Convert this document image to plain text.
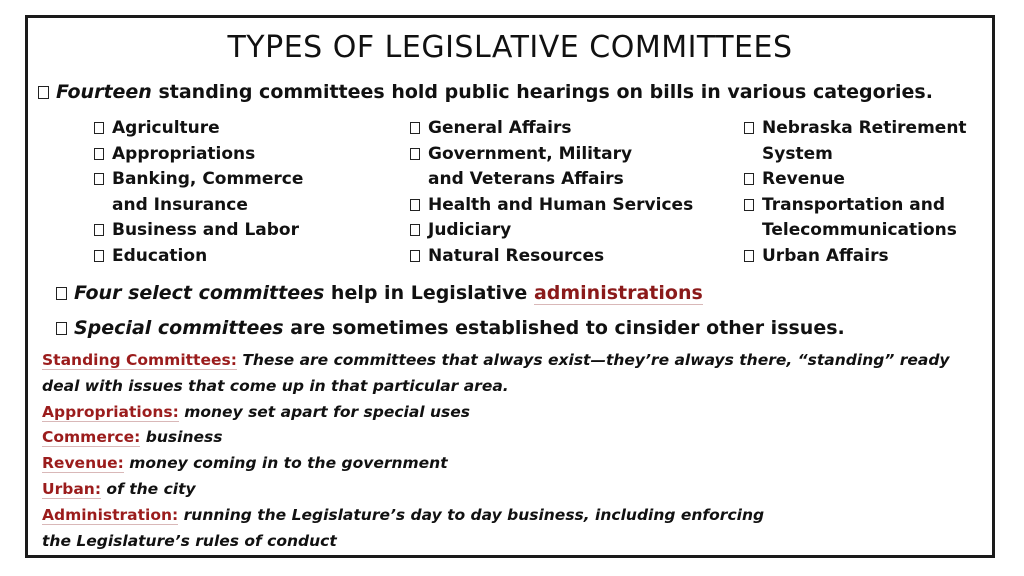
TYPES OF LEGISLATIVE COMMITTEES
Fourteen standing committees hold public hearings on bills in various categories.
Agriculture
Appropriations
Banking, Commerce
and Insurance
Business and Labor
Education
General Affairs
Government, Military
and Veterans Affairs
Health and Human Services
Judiciary
Natural Resources
Nebraska Retirement
System
Revenue
Transportation and
Telecommunications
Urban Affairs
Four select committees help in Legislative administrations
Special committees are sometimes established to cinsider other issues.
Standing Committees: These are committees that always exist—they’re always there, “standing” ready
deal with issues that come up in that particular area.
Appropriations: money set apart for special uses
Commerce: business
Revenue: money coming in to the government
Urban: of the city
Administration: running the Legislature’s day to day business, including enforcing
the Legislature’s rules of conduct
